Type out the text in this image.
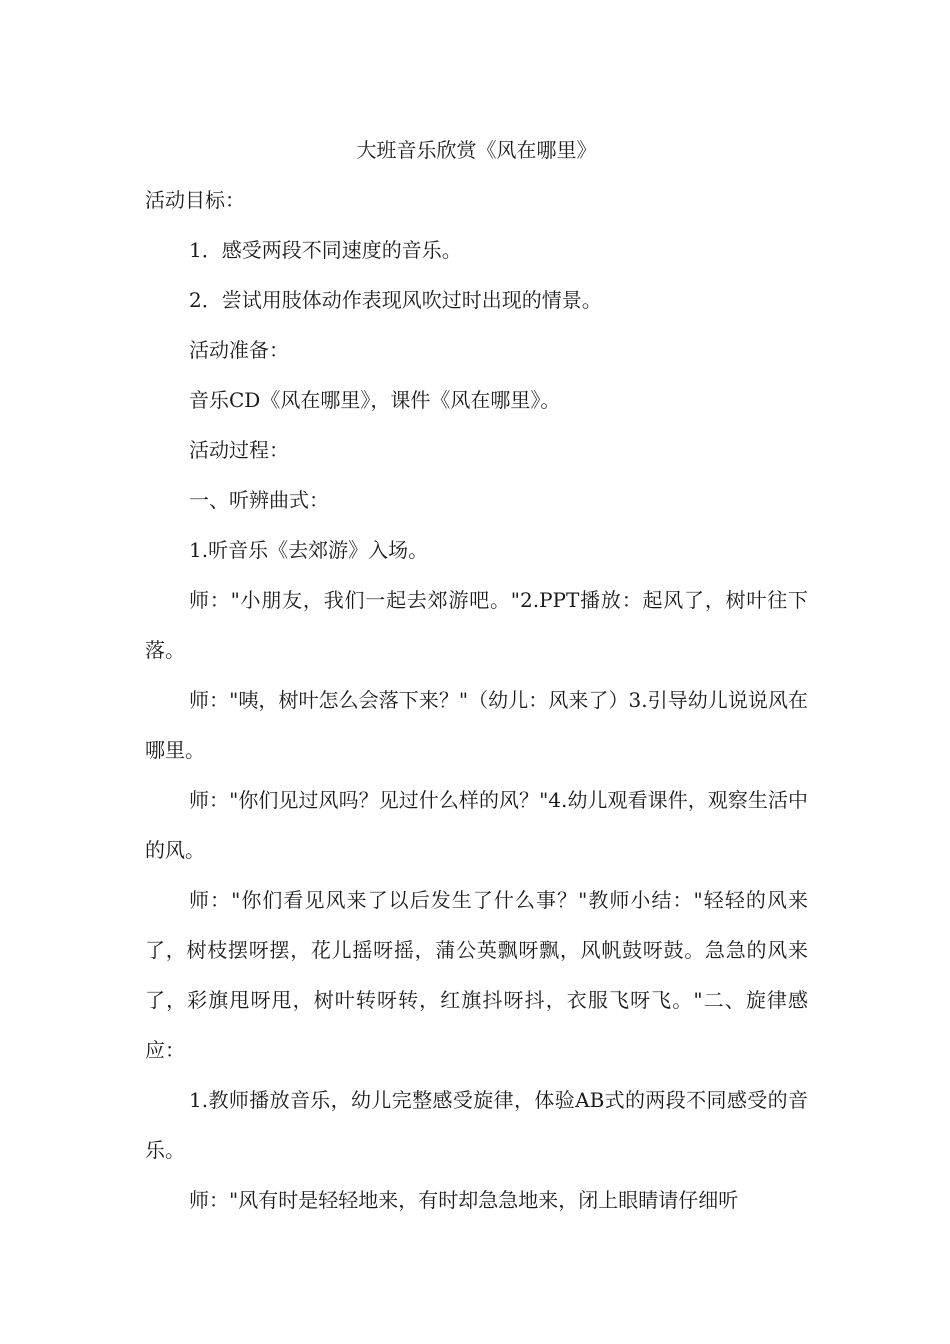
大班音乐欣赏《风在哪里》

活动目标：

1．感受两段不同速度的音乐。

2．尝试用肢体动作表现风吹过时出现的情景。

活动准备：

音乐CD《风在哪里》，课件《风在哪里》。

活动过程：

一、听辨曲式：

1.听音乐《去郊游》入场。

师："小朋友，我们一起去郊游吧。"2.PPT播放：起风了，树叶往下落。

师："咦，树叶怎么会落下来？"（幼儿：风来了）3.引导幼儿说说风在哪里。

师："你们见过风吗？见过什么样的风？"4.幼儿观看课件，观察生活中的风。

师："你们看见风来了以后发生了什么事？"教师小结："轻轻的风来了，树枝摆呀摆，花儿摇呀摇，蒲公英飘呀飘，风帆鼓呀鼓。急急的风来了，彩旗甩呀甩，树叶转呀转，红旗抖呀抖，衣服飞呀飞。"二、旋律感应：

1.教师播放音乐，幼儿完整感受旋律，体验AB式的两段不同感受的音乐。

师："风有时是轻轻地来，有时却急急地来，闭上眼睛请仔细听
